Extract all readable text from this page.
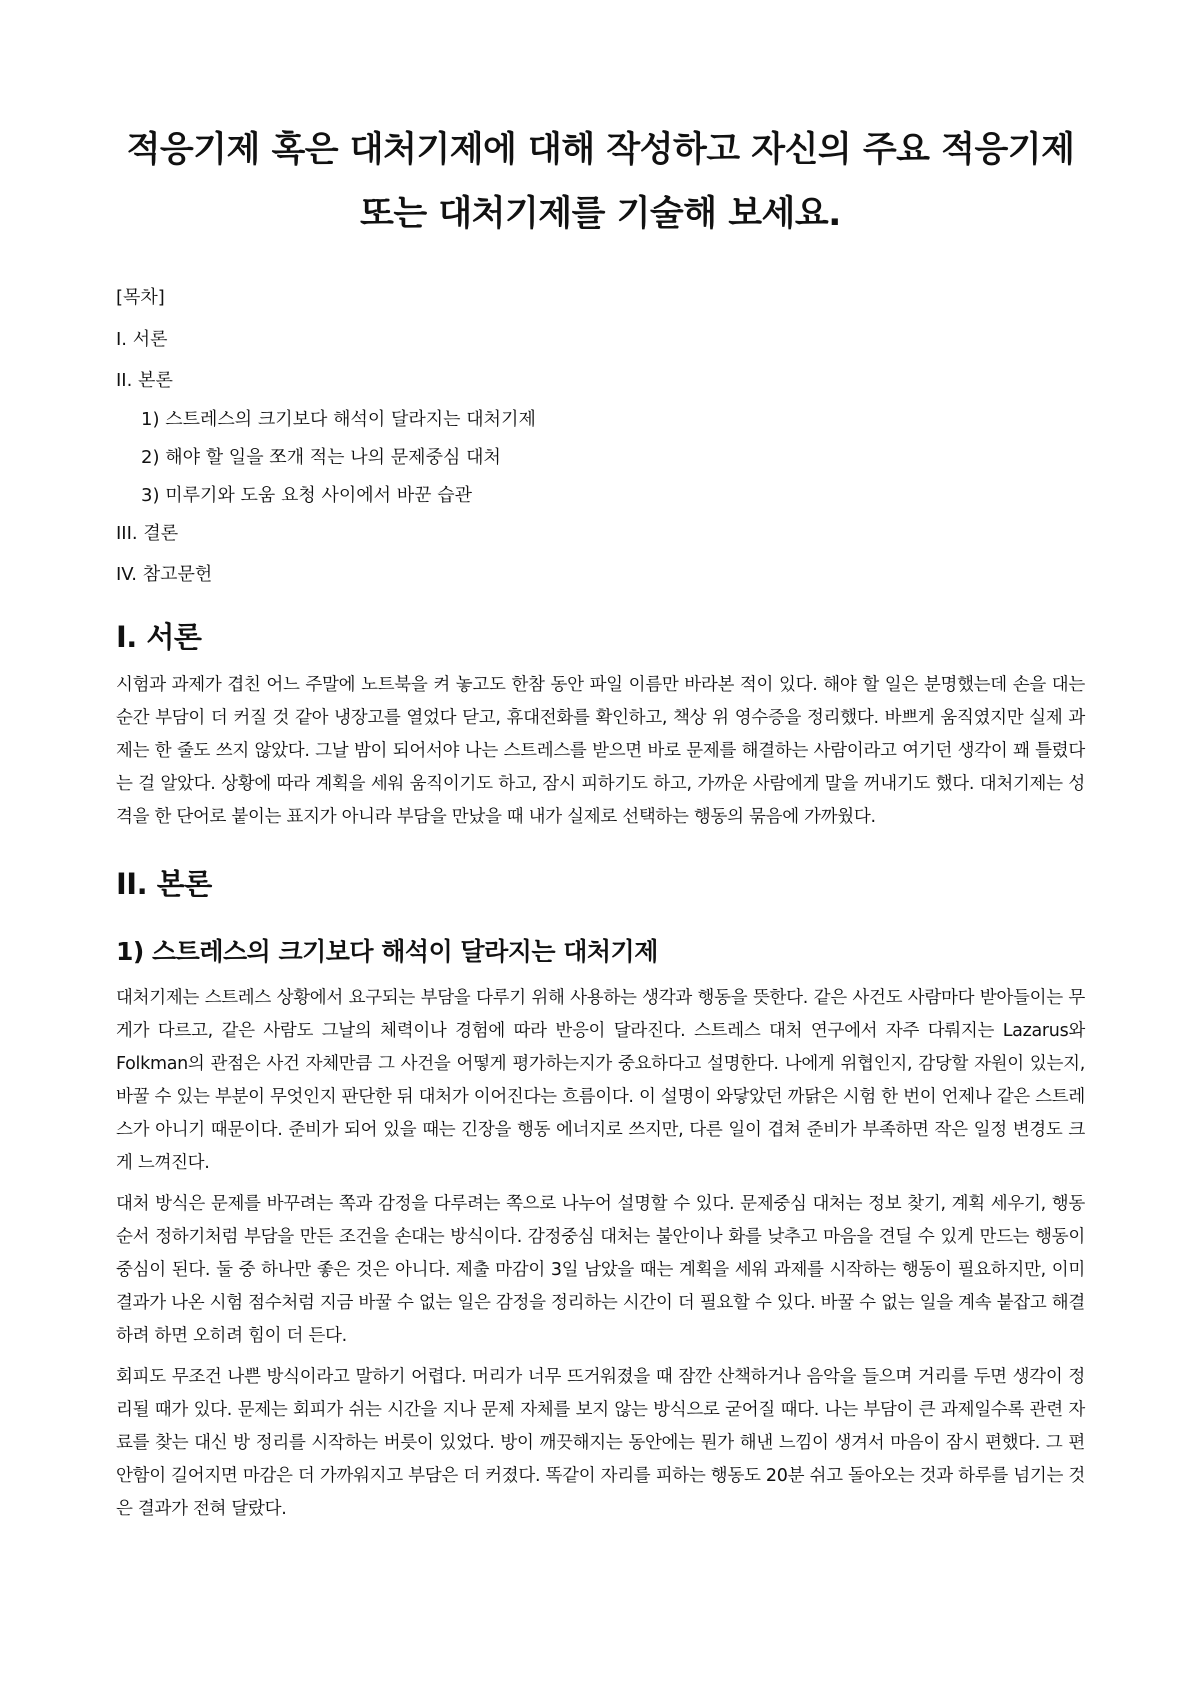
적응기제 혹은 대처기제에 대해 작성하고 자신의 주요 적응기제
또는 대처기제를 기술해 보세요.
[목차]
I. 서론
II. 본론
1) 스트레스의 크기보다 해석이 달라지는 대처기제
2) 해야 할 일을 쪼개 적는 나의 문제중심 대처
3) 미루기와 도움 요청 사이에서 바꾼 습관
III. 결론
IV. 참고문헌
I. 서론

시험과 과제가 겹친 어느 주말에 노트북을 켜 놓고도 한참 동안 파일 이름만 바라본 적이 있다. 해야 할 일은 분명했는데 손을 대는 순간 부담이 더 커질 것 같아 냉장고를 열었다 닫고, 휴대전화를 확인하고, 책상 위 영수증을 정리했다. 바쁘게 움직였지만 실제 과제는 한 줄도 쓰지 않았다. 그날 밤이 되어서야 나는 스트레스를 받으면 바로 문제를 해결하는 사람이라고 여기던 생각이 꽤 틀렸다는 걸 알았다. 상황에 따라 계획을 세워 움직이기도 하고, 잠시 피하기도 하고, 가까운 사람에게 말을 꺼내기도 했다. 대처기제는 성격을 한 단어로 붙이는 표지가 아니라 부담을 만났을 때 내가 실제로 선택하는 행동의 묶음에 가까웠다.

II. 본론
1) 스트레스의 크기보다 해석이 달라지는 대처기제

대처기제는 스트레스 상황에서 요구되는 부담을 다루기 위해 사용하는 생각과 행동을 뜻한다. 같은 사건도 사람마다 받아들이는 무게가 다르고, 같은 사람도 그날의 체력이나 경험에 따라 반응이 달라진다. 스트레스 대처 연구에서 자주 다뤄지는 Lazarus와 Folkman의 관점은 사건 자체만큼 그 사건을 어떻게 평가하는지가 중요하다고 설명한다. 나에게 위협인지, 감당할 자원이 있는지, 바꿀 수 있는 부분이 무엇인지 판단한 뒤 대처가 이어진다는 흐름이다. 이 설명이 와닿았던 까닭은 시험 한 번이 언제나 같은 스트레스가 아니기 때문이다. 준비가 되어 있을 때는 긴장을 행동 에너지로 쓰지만, 다른 일이 겹쳐 준비가 부족하면 작은 일정 변경도 크게 느껴진다.

대처 방식은 문제를 바꾸려는 쪽과 감정을 다루려는 쪽으로 나누어 설명할 수 있다. 문제중심 대처는 정보 찾기, 계획 세우기, 행동 순서 정하기처럼 부담을 만든 조건을 손대는 방식이다. 감정중심 대처는 불안이나 화를 낮추고 마음을 견딜 수 있게 만드는 행동이 중심이 된다. 둘 중 하나만 좋은 것은 아니다. 제출 마감이 3일 남았을 때는 계획을 세워 과제를 시작하는 행동이 필요하지만, 이미 결과가 나온 시험 점수처럼 지금 바꿀 수 없는 일은 감정을 정리하는 시간이 더 필요할 수 있다. 바꿀 수 없는 일을 계속 붙잡고 해결하려 하면 오히려 힘이 더 든다.

회피도 무조건 나쁜 방식이라고 말하기 어렵다. 머리가 너무 뜨거워졌을 때 잠깐 산책하거나 음악을 들으며 거리를 두면 생각이 정리될 때가 있다. 문제는 회피가 쉬는 시간을 지나 문제 자체를 보지 않는 방식으로 굳어질 때다. 나는 부담이 큰 과제일수록 관련 자료를 찾는 대신 방 정리를 시작하는 버릇이 있었다. 방이 깨끗해지는 동안에는 뭔가 해낸 느낌이 생겨서 마음이 잠시 편했다. 그 편안함이 길어지면 마감은 더 가까워지고 부담은 더 커졌다. 똑같이 자리를 피하는 행동도 20분 쉬고 돌아오는 것과 하루를 넘기는 것은 결과가 전혀 달랐다.
